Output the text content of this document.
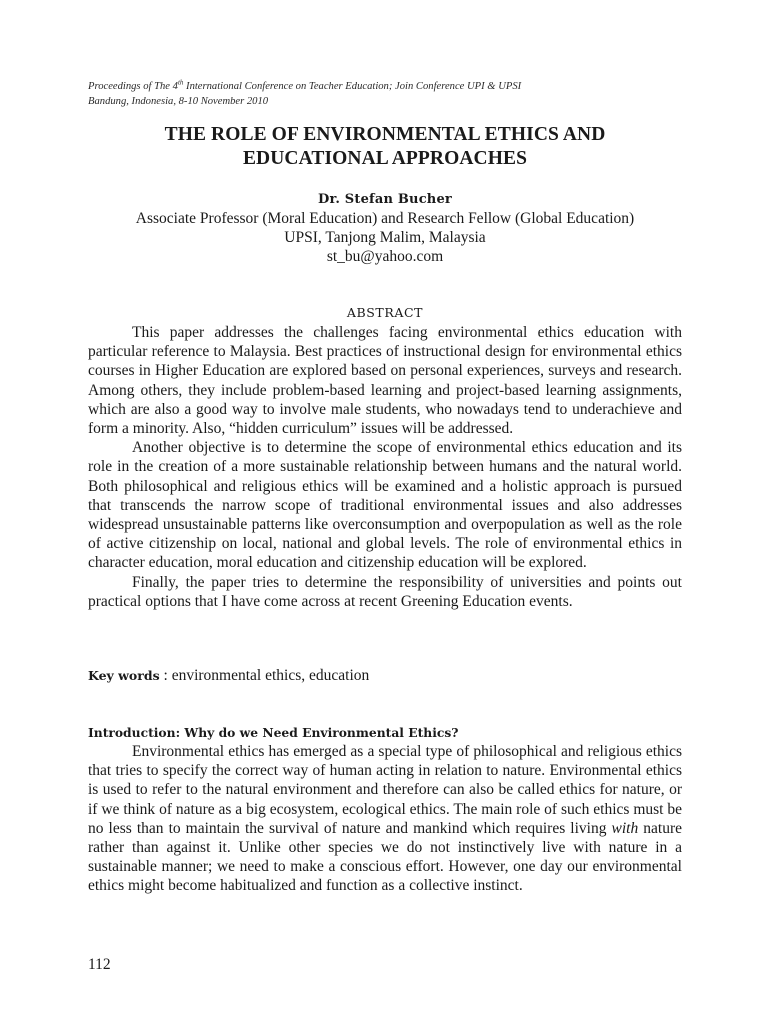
Proceedings of The 4th International Conference on Teacher Education; Join Conference UPI & UPSI
Bandung, Indonesia, 8-10 November 2010
THE ROLE OF ENVIRONMENTAL ETHICS AND
EDUCATIONAL APPROACHES
Dr. Stefan Bucher
Associate Professor (Moral Education) and Research Fellow (Global Education)
UPSI, Tanjong Malim, Malaysia
st_bu@yahoo.com
ABSTRACT

This paper addresses the challenges facing environmental ethics education with particular reference to Malaysia. Best practices of instructional design for environmental ethics courses in Higher Education are explored based on personal experiences, surveys and research. Among others, they include problem-based learning and project-based learning assignments, which are also a good way to involve male students, who nowadays tend to underachieve and form a minority. Also, “hidden curriculum” issues will be addressed.

Another objective is to determine the scope of environmental ethics education and its role in the creation of a more sustainable relationship between humans and the natural world. Both philosophical and religious ethics will be examined and a holistic approach is pursued that transcends the narrow scope of traditional environmental issues and also addresses widespread unsustainable patterns like overconsumption and overpopulation as well as the role of active citizenship on local, national and global levels. The role of environmental ethics in character education, moral education and citizenship education will be explored.

Finally, the paper tries to determine the responsibility of universities and points out practical options that I have come across at recent Greening Education events.

Key words : environmental ethics, education
Introduction: Why do we Need Environmental Ethics?

Environmental ethics has emerged as a special type of philosophical and religious ethics that tries to specify the correct way of human acting in relation to nature. Environmental ethics is used to refer to the natural environment and therefore can also be called ethics for nature, or if we think of nature as a big ecosystem, ecological ethics. The main role of such ethics must be no less than to maintain the survival of nature and mankind which requires living with nature rather than against it. Unlike other species we do not instinctively live with nature in a sustainable manner; we need to make a conscious effort. However, one day our environmental ethics might become habitualized and function as a collective instinct.

112
